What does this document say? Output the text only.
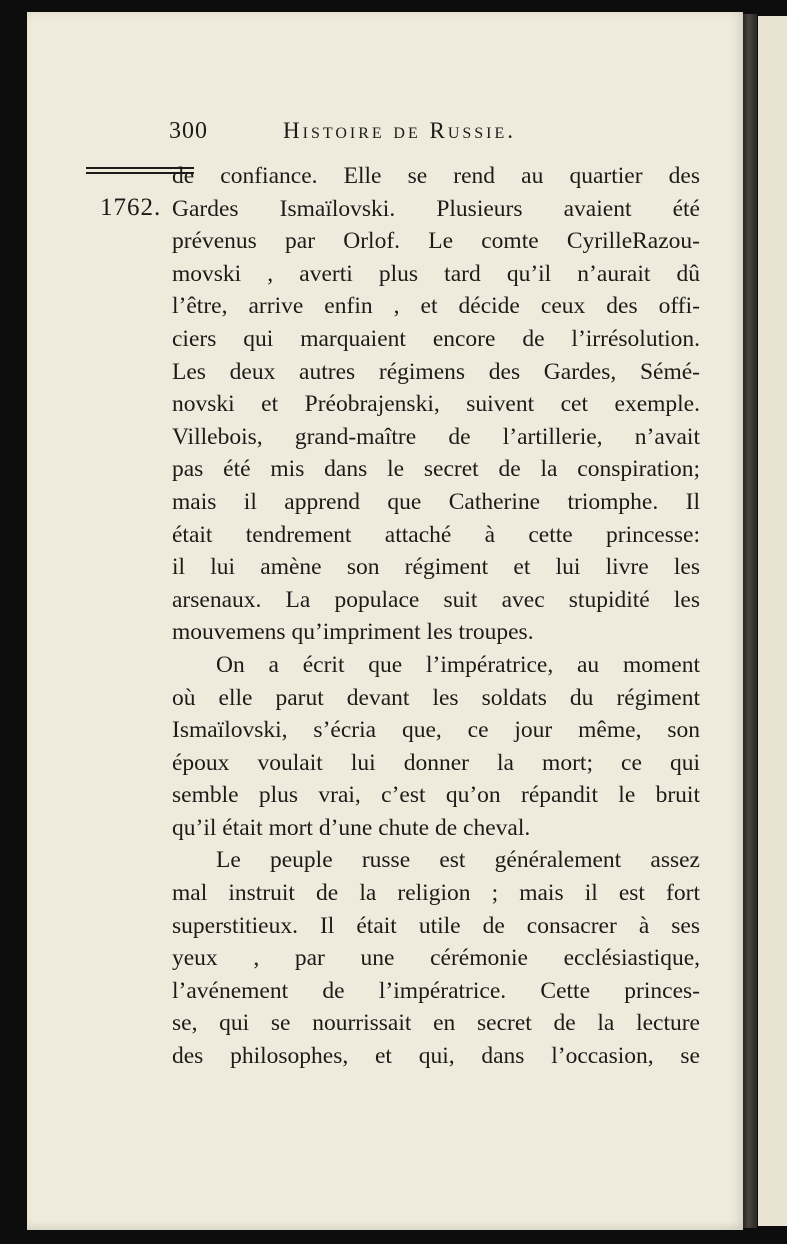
300	Histoire de Russie.
1762.
de confiance. Elle se rend au quartier des
Gardes Ismaïlovski. Plusieurs avaient été
prévenus par Orlof. Le comte CyrilleRazou-
movski , averti plus tard qu’il n’aurait dû
l’être, arrive enfin , et décide ceux des offi-
ciers qui marquaient encore de l’irrésolution.
Les deux autres régimens des Gardes, Sémé-
novski et Préobrajenski, suivent cet exemple.
Villebois, grand-maître de l’artillerie, n’avait
pas été mis dans le secret de la conspiration;
mais il apprend que Catherine triomphe. Il
était tendrement attaché à cette princesse:
il lui amène son régiment et lui livre les
arsenaux. La populace suit avec stupidité les
mouvemens qu’impriment les troupes.
On a écrit que l’impératrice, au moment
où elle parut devant les soldats du régiment
Ismaïlovski, s’écria que, ce jour même, son
époux voulait lui donner la mort; ce qui
semble plus vrai, c’est qu’on répandit le bruit
qu’il était mort d’une chute de cheval.
Le peuple russe est généralement assez
mal instruit de la religion ; mais il est fort
superstitieux. Il était utile de consacrer à ses
yeux , par une cérémonie ecclésiastique,
l’avénement de l’impératrice. Cette princes-
se, qui se nourrissait en secret de la lecture
des philosophes, et qui, dans l’occasion, se
